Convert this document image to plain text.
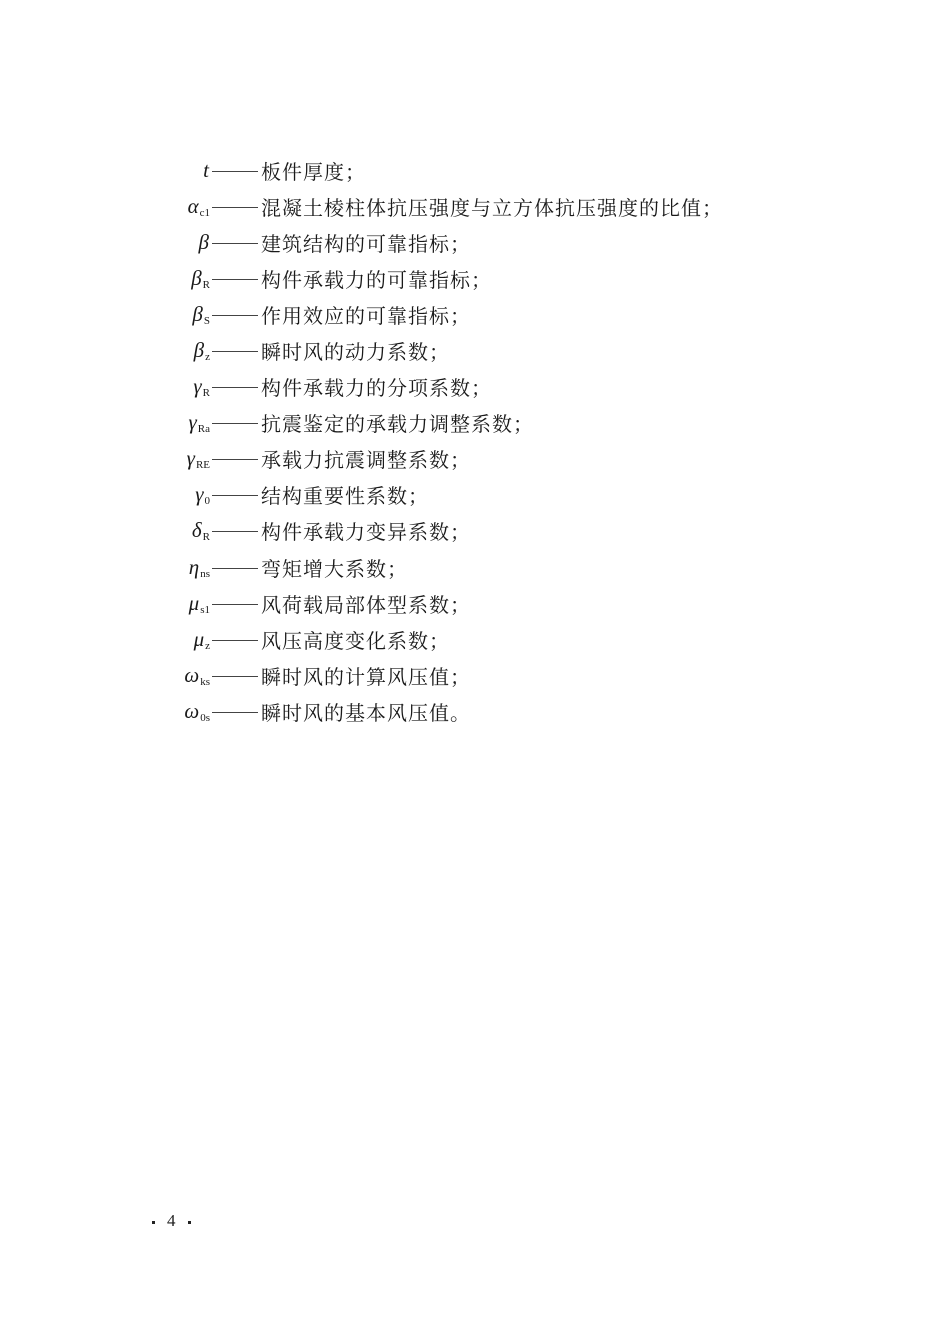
t	板件厚度；
$\alpha_{c1}$	混凝土棱柱体抗压强度与立方体抗压强度的比值；
β	建筑结构的可靠指标；
$\beta_R$	构件承载力的可靠指标；
$\beta_S$	作用效应的可靠指标；
$\beta_z$	瞬时风的动力系数；
$\gamma_R$	构件承载力的分项系数；
$\gamma_{Ra}$	抗震鉴定的承载力调整系数；
$\gamma_{RE}$	承载力抗震调整系数；
$\gamma_0$	结构重要性系数；
$\delta_R$	构件承载力变异系数；
$\eta_{ns}$	弯矩增大系数；
$\mu_{s1}$	风荷载局部体型系数；
$\mu_z$	风压高度变化系数；
$\omega_{ks}$	瞬时风的计算风压值；
$\omega_{0s}$	瞬时风的基本风压值。
4
